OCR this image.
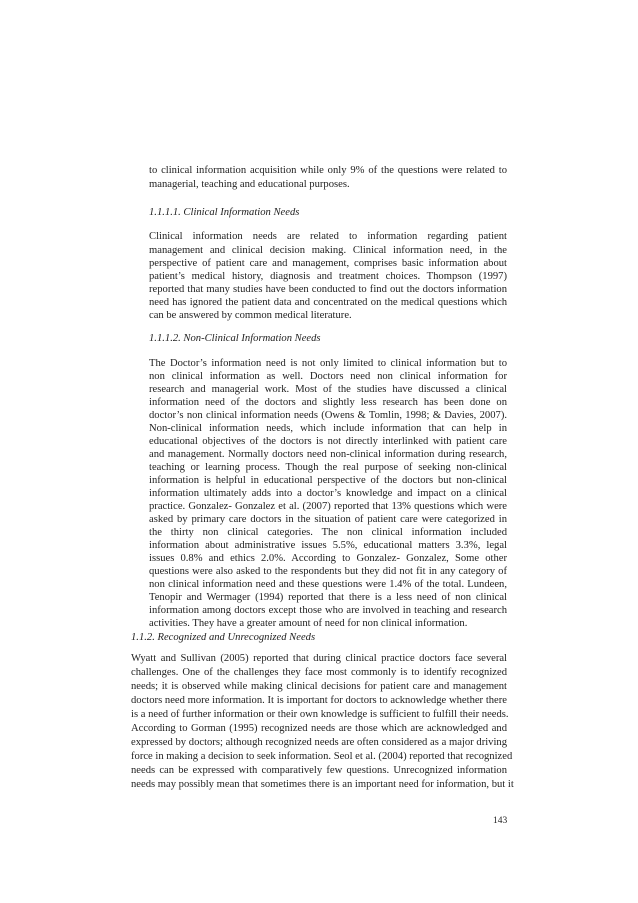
to clinical information acquisition while only 9% of the questions were related to

managerial, teaching and educational purposes.

1.1.1.1. Clinical Information Needs

Clinical information needs are related to information regarding patient

management and clinical decision making. Clinical information need, in the

perspective of patient care and management, comprises basic information about

patient’s medical history, diagnosis and treatment choices. Thompson (1997)

reported that many studies have been conducted to find out the doctors information

need has ignored the patient data and concentrated on the medical questions which

can be answered by common medical literature.

1.1.1.2. Non-Clinical Information Needs

The Doctor’s information need is not only limited to clinical information but to

non clinical information as well. Doctors need non clinical information for

research and managerial work. Most of the studies have discussed a clinical

information need of the doctors and slightly less research has been done on

doctor’s non clinical information needs (Owens & Tomlin, 1998; & Davies, 2007).

Non-clinical information needs, which include information that can help in

educational objectives of the doctors is not directly interlinked with patient care

and management. Normally doctors need non-clinical information during research,

teaching or learning process. Though the real purpose of seeking non-clinical

information is helpful in educational perspective of the doctors but non-clinical

information ultimately adds into a doctor’s knowledge and impact on a clinical

practice. Gonzalez- Gonzalez et al. (2007) reported that 13% questions which were

asked by primary care doctors in the situation of patient care were categorized in

the thirty non clinical categories. The non clinical information included

information about administrative issues 5.5%, educational matters 3.3%, legal

issues 0.8% and ethics 2.0%. According to Gonzalez- Gonzalez, Some other

questions were also asked to the respondents but they did not fit in any category of

non clinical information need and these questions were 1.4% of the total. Lundeen,

Tenopir and Wermager (1994) reported that there is a less need of non clinical

information among doctors except those who are involved in teaching and research

activities. They have a greater amount of need for non clinical information.

1.1.2. Recognized and Unrecognized Needs

Wyatt and Sullivan (2005) reported that during clinical practice doctors face several

challenges. One of the challenges they face most commonly is to identify recognized

needs; it is observed while making clinical decisions for patient care and management

doctors need more information. It is important for doctors to acknowledge whether there

is a need of further information or their own knowledge is sufficient to fulfill their needs.

According to Gorman (1995) recognized needs are those which are acknowledged and

expressed by doctors; although recognized needs are often considered as a major driving

force in making a decision to seek information. Seol et al. (2004) reported that recognized

needs can be expressed with comparatively few questions. Unrecognized information

needs may possibly mean that sometimes there is an important need for information, but it

143
